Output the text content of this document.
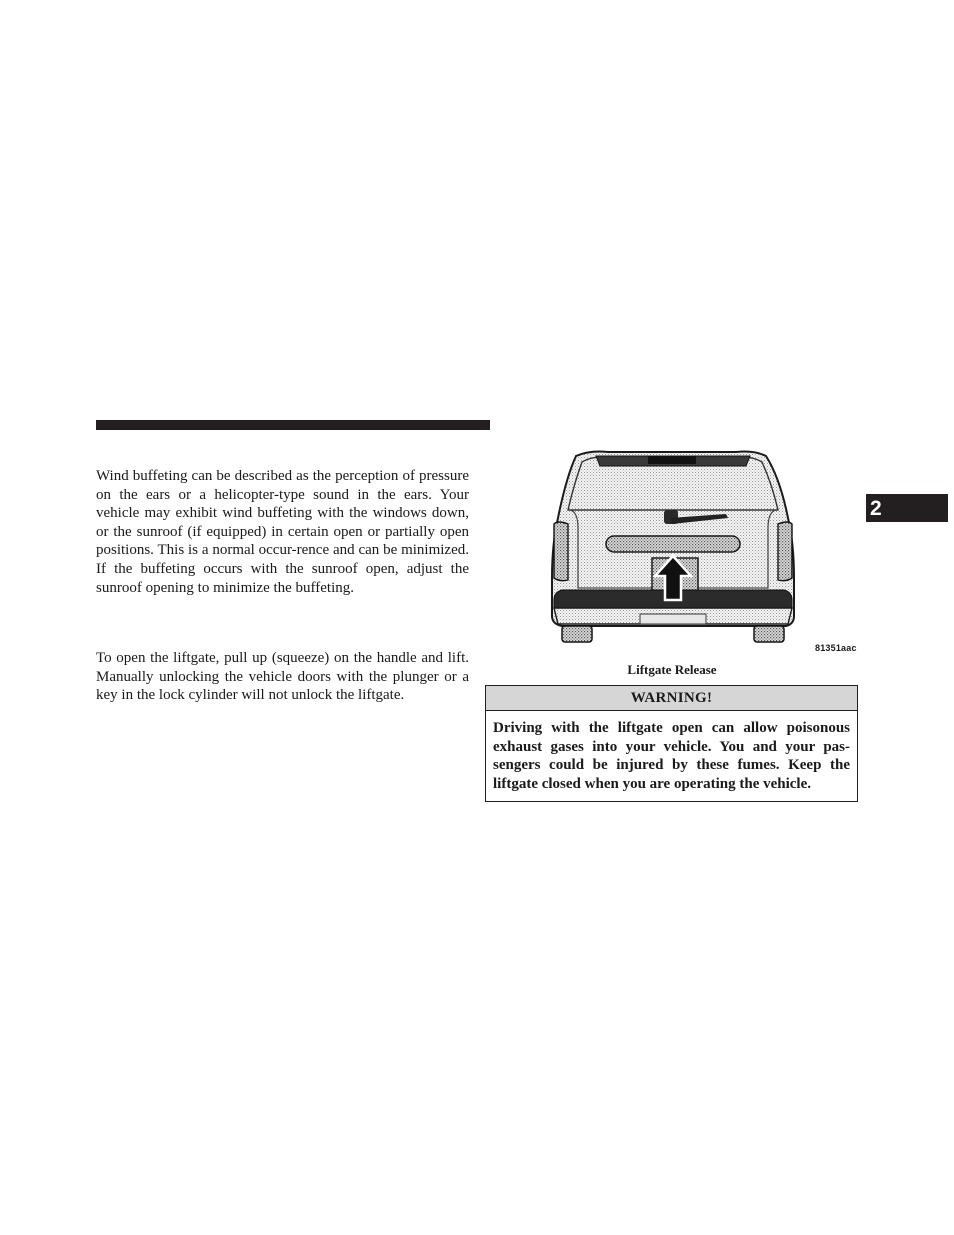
Wind buffeting can be described as the perception of pressure on the ears or a helicopter-type sound in the ears. Your vehicle may exhibit wind buffeting with the windows down, or the sunroof (if equipped) in certain open or partially open positions. This is a normal occur-rence and can be minimized. If the buffeting occurs with the sunroof open, adjust the sunroof opening to minimize the buffeting.

To open the liftgate, pull up (squeeze) on the handle and lift. Manually unlocking the vehicle doors with the plunger or a key in the lock cylinder will not unlock the liftgate.

81351aac
Liftgate Release
WARNING!

Driving with the liftgate open can allow poisonous exhaust gases into your vehicle. You and your pas-sengers could be injured by these fumes. Keep the liftgate closed when you are operating the vehicle.

2
